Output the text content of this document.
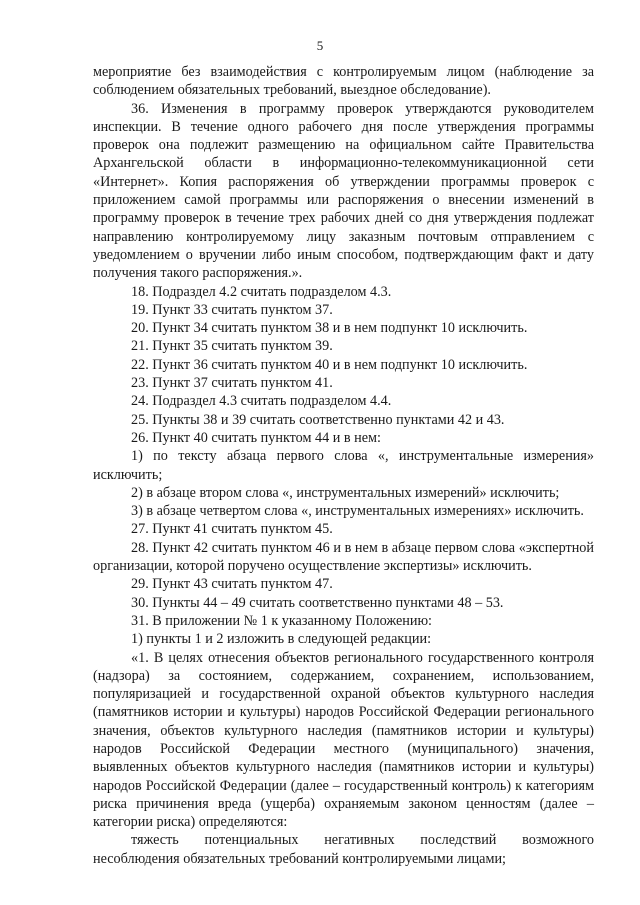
5

мероприятие без взаимодействия с контролируемым лицом (наблюдение за соблюдением обязательных требований, выездное обследование).

36. Изменения в программу проверок утверждаются руководителем инспекции. В течение одного рабочего дня после утверждения программы проверок она подлежит размещению на официальном сайте Правительства Архангельской области в информационно-телекоммуникационной сети «Интернет». Копия распоряжения об утверждении программы проверок с приложением самой программы или распоряжения о внесении изменений в программу проверок в течение трех рабочих дней со дня утверждения подлежат направлению контролируемому лицу заказным почтовым отправлением с уведомлением о вручении либо иным способом, подтверждающим факт и дату получения такого распоряжения.».

18. Подраздел 4.2 считать подразделом 4.3.

19. Пункт 33 считать пунктом 37.

20. Пункт 34 считать пунктом 38 и в нем подпункт 10 исключить.

21. Пункт 35 считать пунктом 39.

22. Пункт 36 считать пунктом 40 и в нем подпункт 10 исключить.

23. Пункт 37 считать пунктом 41.

24. Подраздел 4.3 считать подразделом 4.4.

25. Пункты 38 и 39 считать соответственно пунктами 42 и 43.

26. Пункт 40 считать пунктом 44 и в нем:

1) по тексту абзаца первого слова «, инструментальные измерения» исключить;

2) в абзаце втором слова «, инструментальных измерений» исключить;

3) в абзаце четвертом слова «, инструментальных измерениях» исключить.

27. Пункт 41 считать пунктом 45.

28. Пункт 42 считать пунктом 46 и в нем в абзаце первом слова «экспертной организации, которой поручено осуществление экспертизы» исключить.

29. Пункт 43 считать пунктом 47.

30. Пункты 44 – 49 считать соответственно пунктами 48 – 53.

31. В приложении № 1 к указанному Положению:

1) пункты 1 и 2 изложить в следующей редакции:

«1. В целях отнесения объектов регионального государственного контроля (надзора) за состоянием, содержанием, сохранением, использованием, популяризацией и государственной охраной объектов культурного наследия (памятников истории и культуры) народов Российской Федерации регионального значения, объектов культурного наследия (памятников истории и культуры) народов Российской Федерации местного (муниципального) значения, выявленных объектов культурного наследия (памятников истории и культуры) народов Российской Федерации (далее – государственный контроль) к категориям риска причинения вреда (ущерба) охраняемым законом ценностям (далее – категории риска) определяются:

тяжесть потенциальных негативных последствий возможного несоблюдения обязательных требований контролируемыми лицами;
